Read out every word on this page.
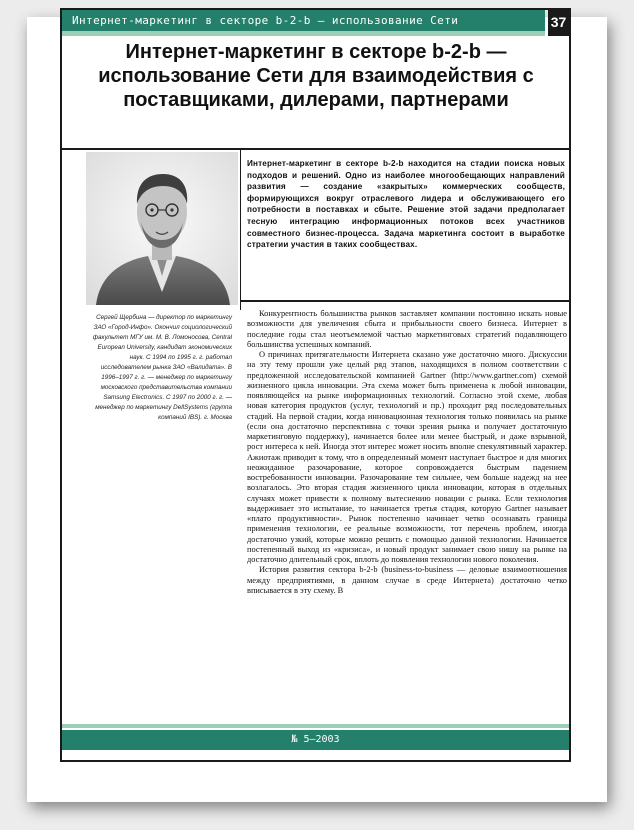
Интернет-маркетинг в секторе b-2-b — использование Сети	37
Интернет-маркетинг в секторе b-2-b — использование Сети для взаимодействия с поставщиками, дилерами, партнерами

Интернет-маркетинг в секторе b-2-b находится на стадии поиска новых подходов и решений. Одно из наиболее многообещающих направлений развития — создание «закрытых» коммерческих сообществ, формирующихся вокруг отраслевого лидера и обслуживающего его потребности в поставках и сбыте. Решение этой задачи предполагает тесную интеграцию информационных потоков всех участников совместного бизнес-процесса. Задача маркетинга состоит в выработке стратегии участия в таких сообществах.

Сергей Щербина — директор по маркетингу ЗАО «Город-Инфо». Окончил социологический факультет МГУ им. М. В. Ломоносова, Central European University, кандидат экономических наук. С 1994 по 1995 г. г. работал исследователем рынка ЗАО «Валидата». В 1996–1997 г. г. — менеджер по маркетингу московского представительства компании Samsung Electronics. С 1997 по 2000 г. г. — менеджер по маркетингу DellSystems (группа компаний IBS). г. Москва

Конкурентность большинства рынков заставляет компании постоянно искать новые возможности для увеличения сбыта и прибыльности своего бизнеса. Интернет в последние годы стал неотъемлемой частью маркетинговых стратегий подавляющего большинства успешных компаний.

О причинах притягательности Интернета сказано уже достаточно много. Дискуссии на эту тему прошли уже целый ряд этапов, находящихся в полном соответствии с предложенной исследовательской компанией Gartner (http://www.gartner.com) схемой жизненного цикла инновации. Эта схема может быть применена к любой инновации, появляющейся на рынке информационных технологий. Согласно этой схеме, любая новая категория продуктов (услуг, технологий и пр.) проходит ряд последовательных стадий. На первой стадии, когда инновационная технология только появилась на рынке (если она достаточно перспективна с точки зрения рынка и получает достаточную маркетинговую поддержку), начинается более или менее быстрый, и даже взрывной, рост интереса к ней. Иногда этот интерес может носить вполне спекулятивный характер. Ажиотаж приводит к тому, что в определенный момент наступает быстрое и для многих неожиданное разочарование, которое сопровождается быстрым падением востребованности инновации. Разочарование тем сильнее, чем больше надежд на нее возлагалось. Это вторая стадия жизненного цикла инновации, которая в отдельных случаях может привести к полному вытеснению новации с рынка. Если технология выдерживает это испытание, то начинается третья стадия, которую Gartner называет «плато продуктивности». Рынок постепенно начинает четко осознавать границы применения технологии, ее реальные возможности, тот перечень проблем, иногда достаточно узкий, которые можно решить с помощью данной технологии. Начинается постепенный выход из «кризиса», и новый продукт занимает свою нишу на рынке на достаточно длительный срок, вплоть до появления технологии нового поколения.

История развития сектора b-2-b (business-to-business — деловые взаимоотношения между предприятиями, в данном случае в среде Интернета) достаточно четко вписывается в эту схему. В

№ 5–2003
